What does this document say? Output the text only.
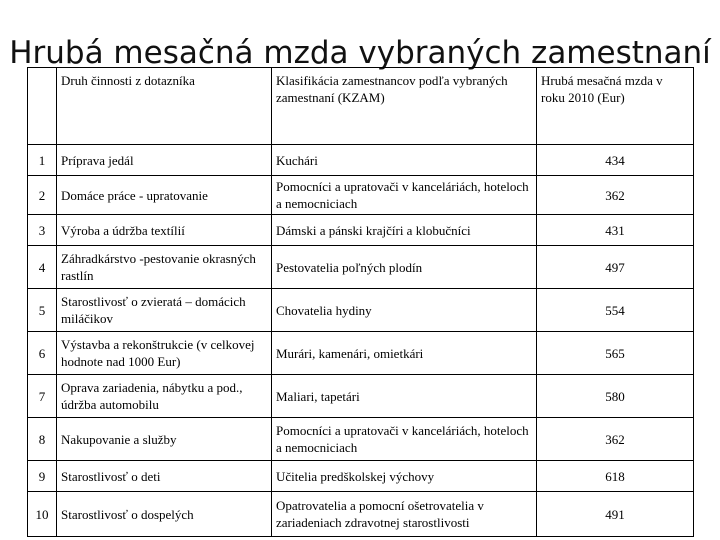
Hrubá mesačná mzda vybraných zamestnaní
	Druh činnosti z dotazníka	Klasifikácia zamestnancov podľa vybraných zamestnaní (KZAM)	Hrubá mesačná mzda v roku 2010 (Eur)
1	Príprava jedál	Kuchári	434
2	Domáce práce - upratovanie	Pomocníci a upratovači v kanceláriách, hoteloch a nemocniciach	362
3	Výroba a údržba textílií	Dámski a pánski krajčíri a klobučníci	431
4	Záhradkárstvo -pestovanie okrasných rastlín	Pestovatelia poľných plodín	497
5	Starostlivosť o zvieratá – domácich miláčikov	Chovatelia hydiny	554
6	Výstavba a rekonštrukcie (v celkovej hodnote nad 1000 Eur)	Murári, kamenári, omietkári	565
7	Oprava zariadenia, nábytku a pod., údržba automobilu	Maliari, tapetári	580
8	Nakupovanie a služby	Pomocníci a upratovači v kanceláriách, hoteloch a nemocniciach	362
9	Starostlivosť o deti	Učitelia predškolskej výchovy	618
10	Starostlivosť o dospelých	Opatrovatelia a pomocní ošetrovatelia v zariadeniach zdravotnej starostlivosti	491
